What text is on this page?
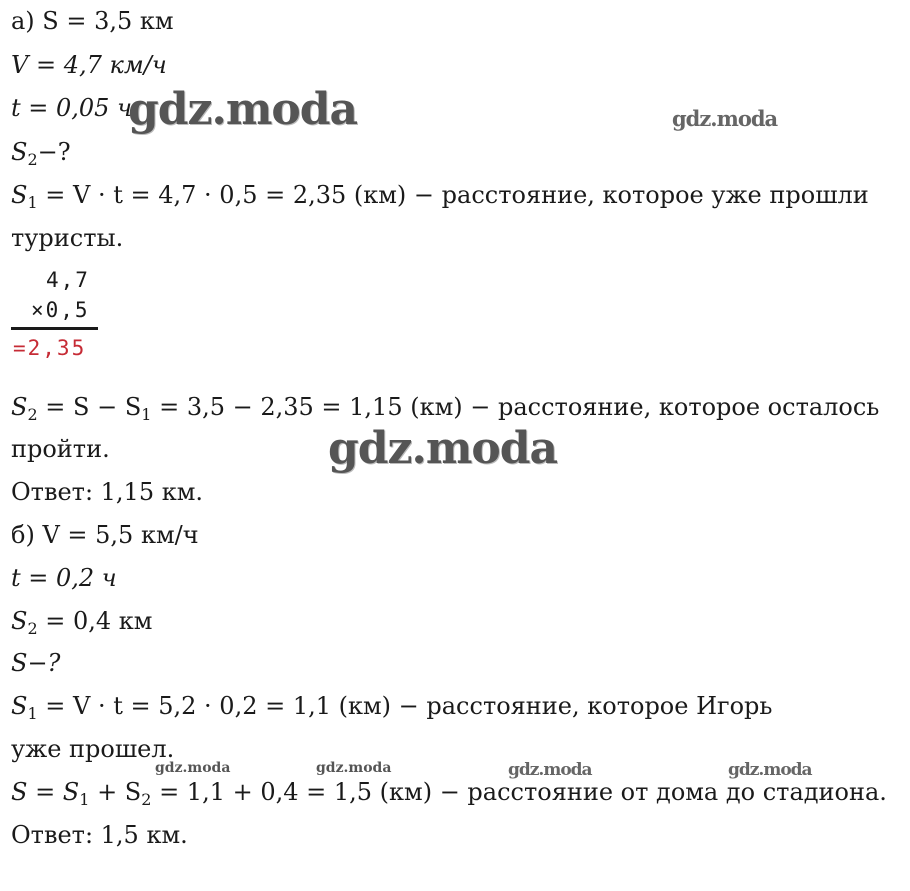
а) S = 3,5 км
V = 4,7 км/ч
t = 0,05 ч
$S_2-$?
$S_1 = V \cdot t = 4,7 \cdot 0,5 = 2,35$ (км) − расстояние, которое уже прошли
туристы.
4,7
×0,5
=2,35
$S_2 = S - S_1 = 3,5 - 2,35 = 1,15$ (км) − расстояние, которое осталось
пройти.
Ответ: 1,15 км.
б) V = 5,5 км/ч
t = 0,2 ч
$S_2 = 0,4$ км
S−?
$S_1 = V \cdot t = 5,2 \cdot 0,2 = 1,1$ (км) − расстояние, которое Игорь
уже прошел.
$S = S_1 + S_2 = 1,1 + 0,4 = 1,5$ (км) − расстояние от дома до стадиона.
Ответ: 1,5 км.
gdz.moda	gdz.moda
gdz.moda
gdz.moda	gdz.moda	gdz.moda	gdz.moda
